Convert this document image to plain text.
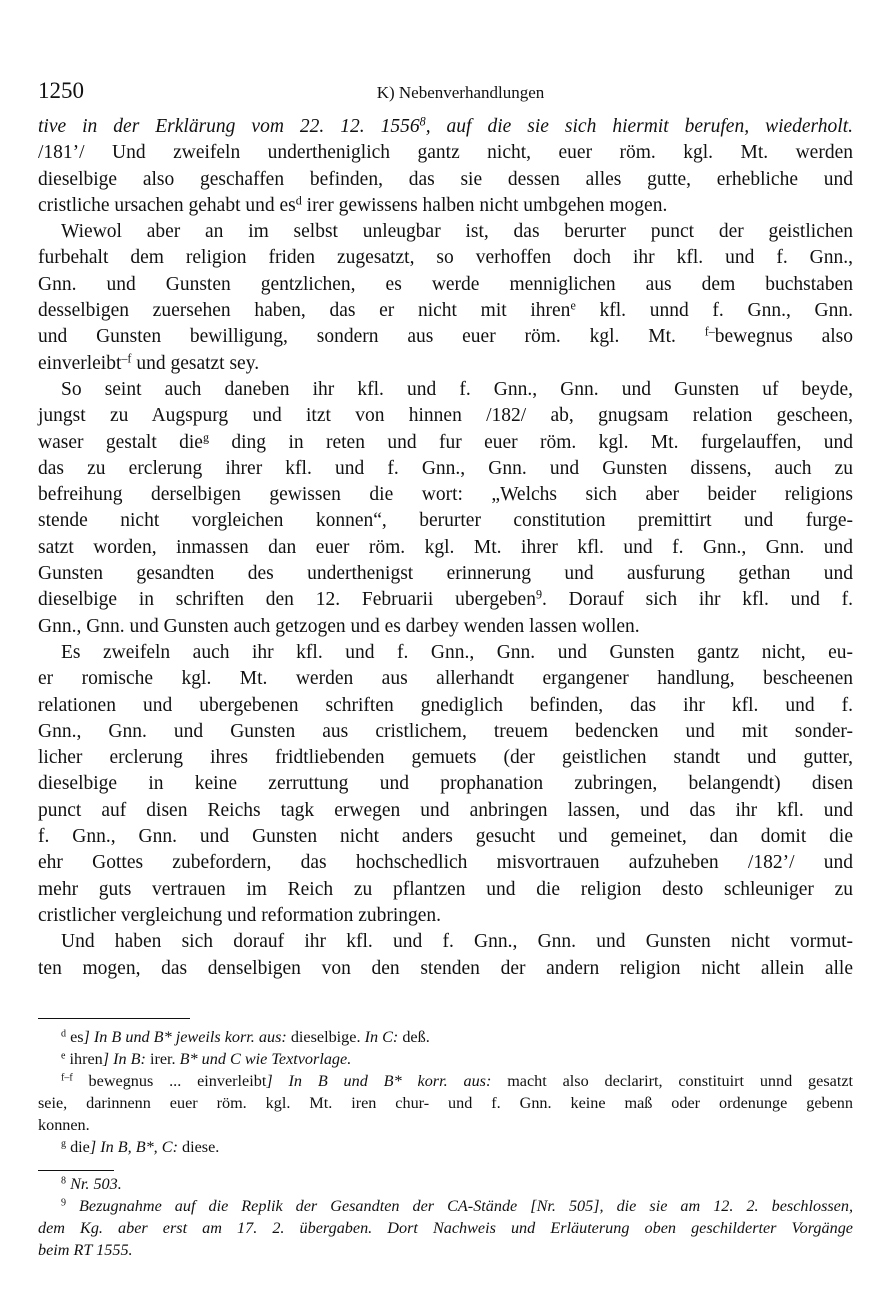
1250	K) Nebenverhandlungen
tive in der Erklärung vom 22. 12. 1556$^8$, auf die sie sich hiermit berufen, wiederholt.
/181’/ Und zweifeln undertheniglich gantz nicht, euer röm. kgl. Mt. werden
dieselbige also geschaffen befinden, das sie dessen alles gutte, erhebliche und
cristliche ursachen gehabt und $es^d$ irer gewissens halben nicht umbgehen mogen.
Wiewol aber an im selbst unleugbar ist, das berurter punct der geistlichen
furbehalt dem religion friden zugesatzt, so verhoffen doch ihr kfl. und f. Gnn.,
Gnn. und Gunsten gentzlichen, es werde menniglichen aus dem buchstaben
desselbigen zuersehen haben, das er nicht mit ihren$^e$ kfl. unnd f. Gnn., Gnn.
und Gunsten bewilligung, sondern aus euer röm. kgl. Mt. $^{f-}$bewegnus also
einverleibt$^{-f}$ und gesatzt sey.
So seint auch daneben ihr kfl. und f. Gnn., Gnn. und Gunsten uf beyde,
jungst zu Augspurg und itzt von hinnen /182/ ab, gnugsam relation gescheen,
waser gestalt die$^g$ ding in reten und fur euer röm. kgl. Mt. furgelauffen, und
das zu erclerung ihrer kfl. und f. Gnn., Gnn. und Gunsten dissens, auch zu
befreihung derselbigen gewissen die wort: „Welchs sich aber beider religions
stende nicht vorgleichen konnen“, berurter constitution premittirt und furge-
satzt worden, inmassen dan euer röm. kgl. Mt. ihrer kfl. und f. Gnn., Gnn. und
Gunsten gesandten des underthenigst erinnerung und ausfurung gethan und
dieselbige in schriften den 12. Februarii ubergeben$^9$. Dorauf sich ihr kfl. und f.
Gnn., Gnn. und Gunsten auch getzogen und es darbey wenden lassen wollen.
Es zweifeln auch ihr kfl. und f. Gnn., Gnn. und Gunsten gantz nicht, eu-
er romische kgl. Mt. werden aus allerhandt ergangener handlung, bescheenen
relationen und ubergebenen schriften gnediglich befinden, das ihr kfl. und f.
Gnn., Gnn. und Gunsten aus cristlichem, treuem bedencken und mit sonder-
licher erclerung ihres fridtliebenden gemuets (der geistlichen standt und gutter,
dieselbige in keine zerruttung und prophanation zubringen, belangendt) disen
punct auf disen Reichs tagk erwegen und anbringen lassen, und das ihr kfl. und
f. Gnn., Gnn. und Gunsten nicht anders gesucht und gemeinet, dan domit die
ehr Gottes zubefordern, das hochschedlich misvortrauen aufzuheben /182’/ und
mehr guts vertrauen im Reich zu pflantzen und die religion desto schleuniger zu
cristlicher vergleichung und reformation zubringen.
Und haben sich dorauf ihr kfl. und f. Gnn., Gnn. und Gunsten nicht vormut-
ten mogen, das denselbigen von den stenden der andern religion nicht allein alle
$^d$ es] In B und B* jeweils korr. aus: dieselbige. In C: deß.
$^e$ ihren] In B: irer. B* und C wie Textvorlage.
$^{f-f}$ bewegnus ... einverleibt] In B und B* korr. aus: macht also declarirt, constituirt unnd gesatzt
seie, darinnenn euer röm. kgl. Mt. iren chur- und f. Gnn. keine maß oder ordenunge gebenn
konnen.
$^g$ die] In B, B*, C: diese.
$^8$ Nr. 503.
$^9$ Bezugnahme auf die Replik der Gesandten der CA-Stände [Nr. 505], die sie am 12. 2. beschlossen,
dem Kg. aber erst am 17. 2. übergaben. Dort Nachweis und Erläuterung oben geschilderter Vorgänge
beim RT 1555.
